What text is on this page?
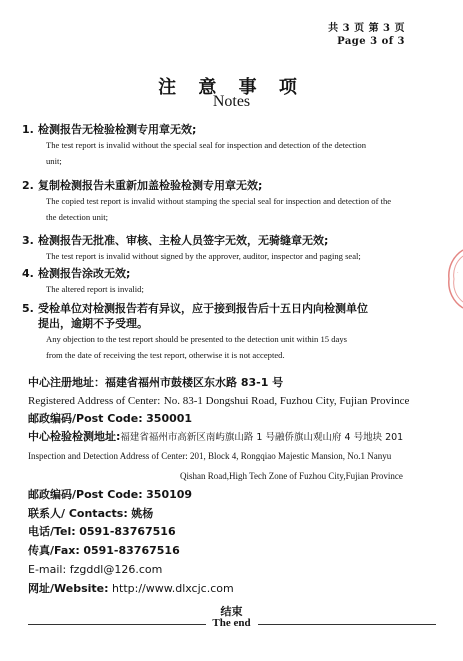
共 3 页 第 3 页
Page 3 of 3
注 意 事 项
Notes
1. 检测报告无检验检测专用章无效;
The test report is invalid without the special seal for inspection and detection of the detection
unit;
2. 复制检测报告未重新加盖检验检测专用章无效;
The copied test report is invalid without stamping the special seal for inspection and detection of the
the detection unit;
3. 检测报告无批准、审核、主检人员签字无效，无骑缝章无效;
The test report is invalid without signed by the approver, auditor, inspector and paging seal;
4. 检测报告涂改无效;
The altered report is invalid;
5. 受检单位对检测报告若有异议，应于接到报告后十五日内向检测单位
提出，逾期不予受理。
Any objection to the test report should be presented to the detection unit within 15 days
from the date of receiving the test report, otherwise it is not accepted.
中心注册地址：福建省福州市鼓楼区东水路 83-1 号
Registered Address of Center: No. 83-1 Dongshui Road, Fuzhou City, Fujian Province
邮政编码/Post Code: 350001
中心检验检测地址:福建省福州市高新区南屿旗山路 1 号融侨旗山观山府 4 号地块 201
Inspection and Detection Address of Center: 201, Block 4, Rongqiao Majestic Mansion, No.1 Nanyu
Qishan Road,High Tech Zone of Fuzhou City,Fujian Province
邮政编码/Post Code: 350109
联系人/ Contacts: 姚杨
电话/Tel: 0591-83767516
传真/Fax: 0591-83767516
E-mail: fzgddl@126.com
网址/Website: http://www.dlxcjc.com
结束
The end
·
